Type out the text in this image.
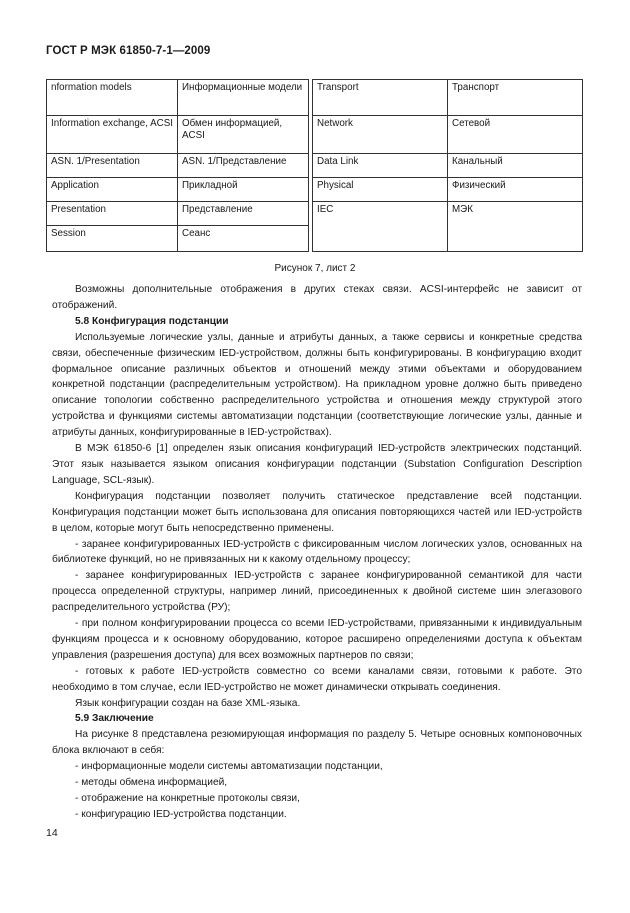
ГОСТ Р МЭК 61850-7-1—2009
nformation models	Информационные модели		Transport	Транспорт
Information exchange, ACSI	Обмен информацией, ACSI		Network	Сетевой
ASN. 1/Presentation	ASN. 1/Представление		Data Link	Канальный
Application	Прикладной		Physical	Физический
Presentation	Представление		IEC	МЭК
Session	Сеанс			
Рисунок 7, лист 2

Возможны дополнительные отображения в других стеках связи. ACSI-интерфейс не зависит от отображений.

5.8 Конфигурация подстанции

Используемые логические узлы, данные и атрибуты данных, а также сервисы и конкретные средства связи, обеспеченные физическим IED-устройством, должны быть конфигурированы. В конфигурацию входит формальное описание различных объектов и отношений между этими объектами и оборудованием конкретной подстанции (распределительным устройством). На прикладном уровне должно быть приведено описание топологии собственно распределительного устройства и отношения между структурой этого устройства и функциями системы автоматизации подстанции (соответствующие логические узлы, данные и атрибуты данных, конфигурированные в IED-устройствах).

В МЭК 61850-6 [1] определен язык описания конфигураций IED-устройств электрических подстанций. Этот язык называется языком описания конфигурации подстанции (Substation Configuration Description Language, SCL-язык).

Конфигурация подстанции позволяет получить статическое представление всей подстанции. Конфигурация подстанции может быть использована для описания повторяющихся частей или IED-устройств в целом, которые могут быть непосредственно применены.

- заранее конфигурированных IED-устройств с фиксированным числом логических узлов, основанных на библиотеке функций, но не привязанных ни к какому отдельному процессу;

- заранее конфигурированных IED-устройств с заранее конфигурированной семантикой для части процесса определенной структуры, например линий, присоединенных к двойной системе шин элегазового распределительного устройства (РУ);

- при полном конфигурировании процесса со всеми IED-устройствами, привязанными к индивидуальным функциям процесса и к основному оборудованию, которое расширено определениями доступа к объектам управления (разрешения доступа) для всех возможных партнеров по связи;

- готовых к работе IED-устройств совместно со всеми каналами связи, готовыми к работе. Это необходимо в том случае, если IED-устройство не может динамически открывать соединения.

Язык конфигурации создан на базе XML-языка.

5.9 Заключение

На рисунке 8 представлена резюмирующая информация по разделу 5. Четыре основных компоновочных блока включают в себя:

- информационные модели системы автоматизации подстанции,

- методы обмена информацией,

- отображение на конкретные протоколы связи,

- конфигурацию IED-устройства подстанции.

14
